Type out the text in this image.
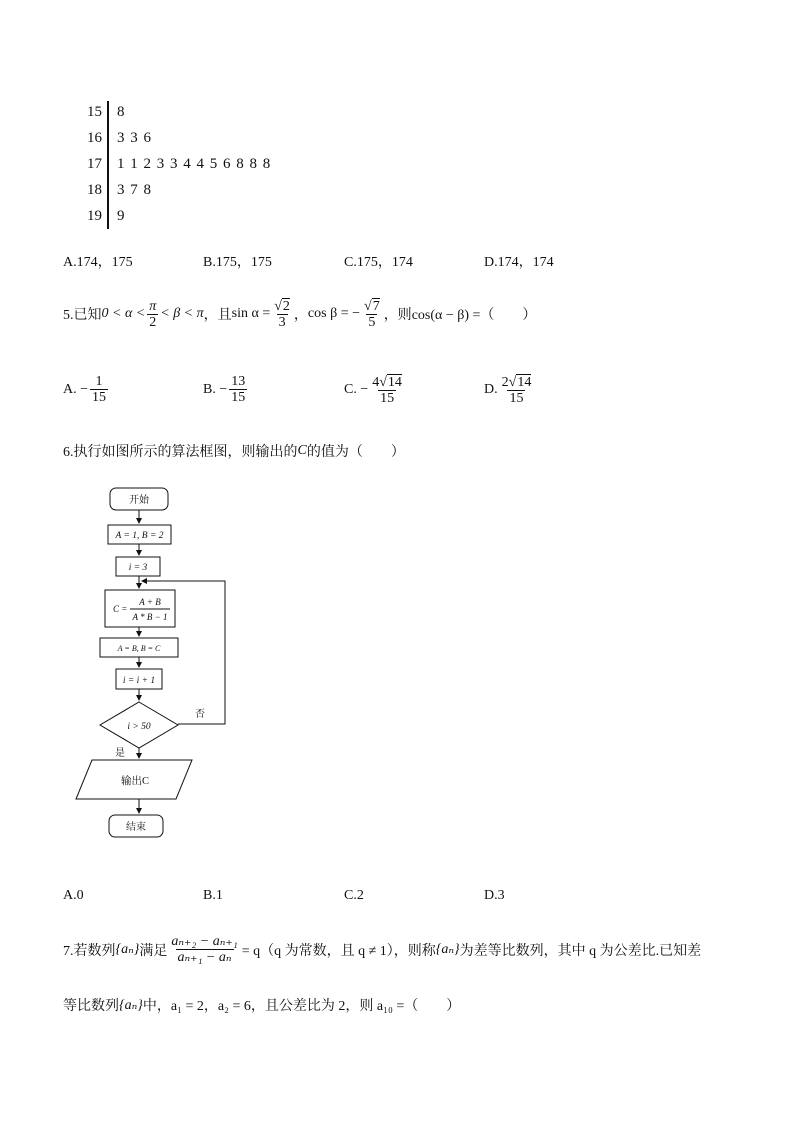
15 8
16 3 3 6
17 1 1 2 3 3 4 4 5 6 8 8 8
18 3 7 8
19 9
A.174，175	B.175，175	C.175，174	D.174，174
5.已知 $0 < \alpha < \frac{\pi}{2} < \beta < \pi$ ，且 $\sin \alpha = \frac{√2}{3}$ ， cos β = − $\frac{√7}{5}$ ，则 cos(α − β) =（　　）
A. − $\frac{1}{15}$	B. − $\frac{13}{15}$	C. − $\frac{4√14}{15}$	D. $\frac{2√14}{15}$
6.执行如图所示的算法框图，则输出的 C 的值为（　　）
开始
A = 1, B = 2
i = 3
C =
A + B
A * B − 1
A = B, B = C
i = i + 1
i > 50
否
是
输出C
结束
A.0	B.1	C.2	D.3
7.若数列 {aₙ} 满足 $\frac{\text{aₙ₊₂ − aₙ₊₁}}{\text{aₙ₊₁ − aₙ}} = q(q$ 为常数，且 q ≠ 1），则称 {aₙ} 为差等比数列，其中 q 为公差比.已知差
等比数列 {aₙ} 中，a₁ = 2，a₂ = 6，且公差比为 2，则 a₁₀ =（　　）
